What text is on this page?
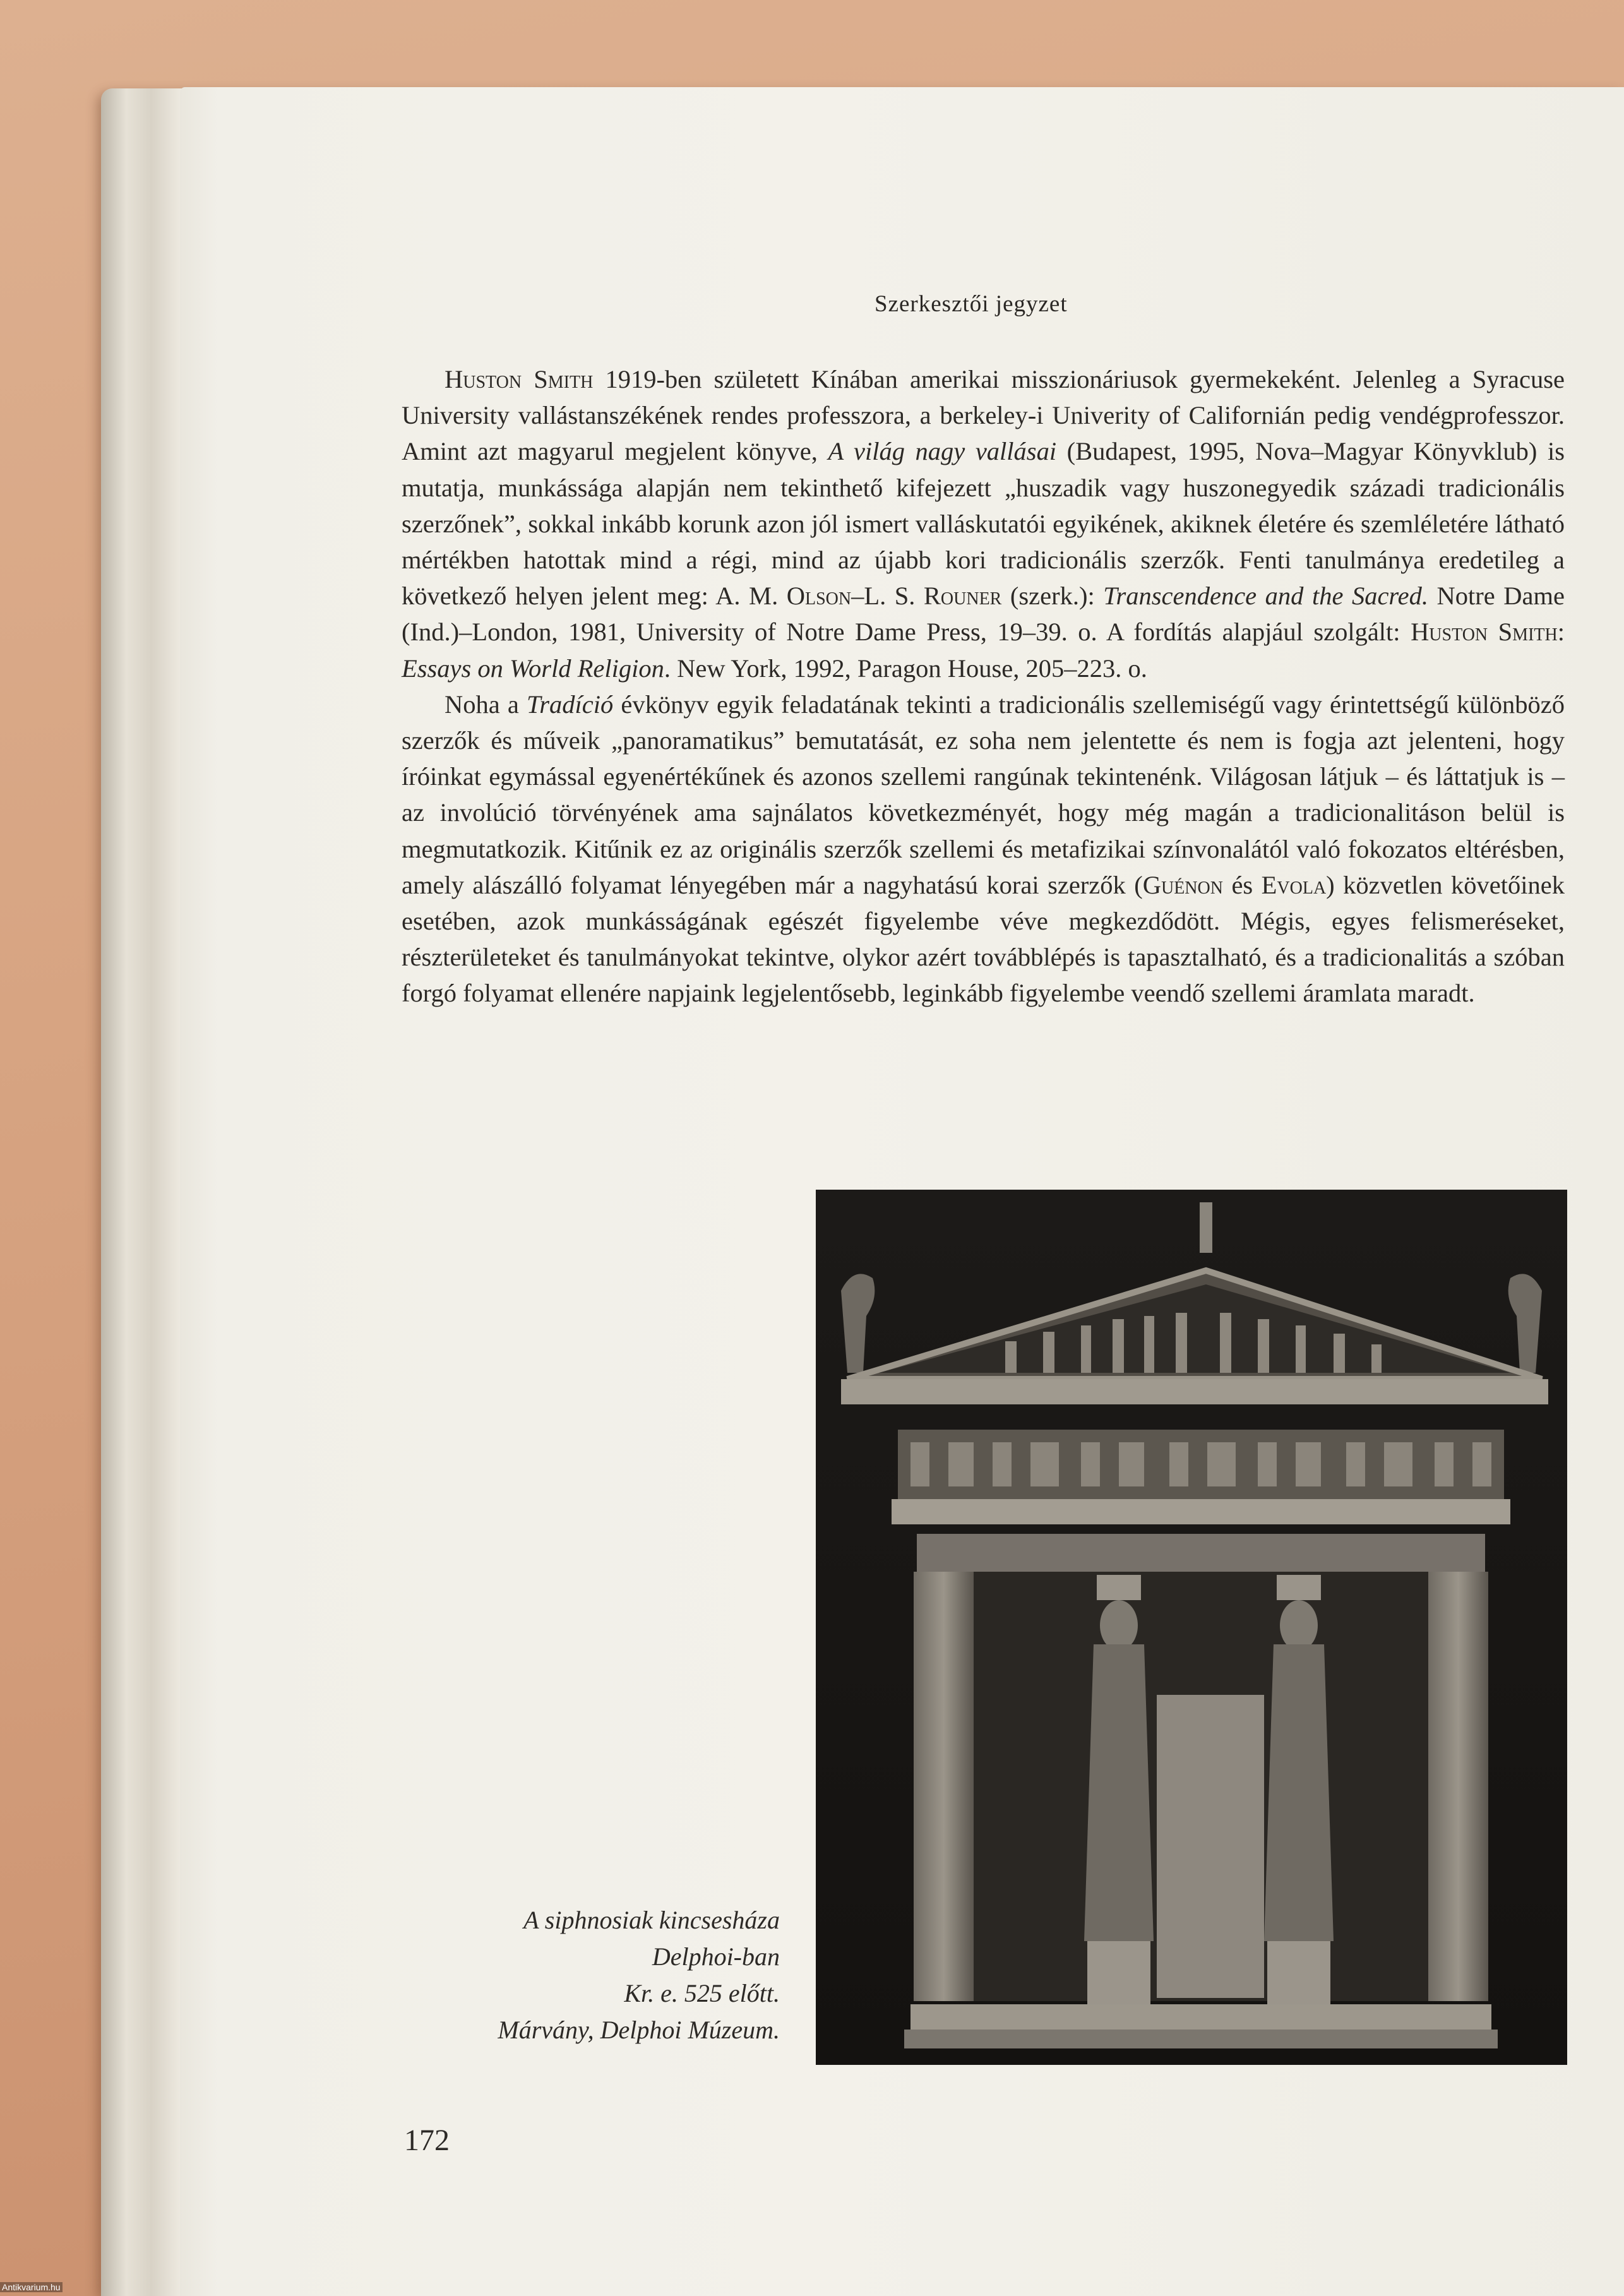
Szerkesztői jegyzet

Huston Smith 1919-ben született Kínában amerikai misszionáriusok gyermekeként. Jelenleg a Syracuse University vallástanszékének rendes professzora, a berkeley-i Univerity of Californián pedig vendégprofesszor. Amint azt magyarul megjelent könyve, A világ nagy vallásai (Budapest, 1995, Nova–Magyar Könyvklub) is mutatja, munkássága alapján nem tekinthető kifejezett „huszadik vagy huszonegyedik századi tradicionális szerzőnek”, sokkal inkább korunk azon jól ismert valláskutatói egyikének, akiknek életére és szemléletére látható mértékben hatottak mind a régi, mind az újabb kori tradicionális szerzők. Fenti tanulmánya eredetileg a következő helyen jelent meg: A. M. Olson–L. S. Rouner (szerk.): Transcendence and the Sacred. Notre Dame (Ind.)–London, 1981, University of Notre Dame Press, 19–39. o. A fordítás alapjául szolgált: Huston Smith: Essays on World Religion. New York, 1992, Paragon House, 205–223. o.

Noha a Tradíció évkönyv egyik feladatának tekinti a tradicionális szellemiségű vagy érintettségű különböző szerzők és műveik „panoramatikus” bemutatását, ez soha nem jelentette és nem is fogja azt jelenteni, hogy íróinkat egymással egyenértékűnek és azonos szellemi rangúnak tekintenénk. Világosan látjuk – és láttatjuk is – az involúció törvényének ama sajnálatos következményét, hogy még magán a tradicionalitáson belül is megmutatkozik. Kitűnik ez az originális szerzők szellemi és metafizikai színvonalától való fokozatos eltérésben, amely alászálló folyamat lényegében már a nagyhatású korai szerzők (Guénon és Evola) közvetlen követőinek esetében, azok munkásságának egészét figyelembe véve megkezdődött. Mégis, egyes felismeréseket, részterületeket és tanulmányokat tekintve, olykor azért továbblépés is tapasztalható, és a tradicionalitás a szóban forgó folyamat ellenére napjaink legjelentősebb, leginkább figyelembe veendő szellemi áramlata maradt.

A siphnosiak kincsesháza
Delphoi-ban
Kr. e. 525 előtt.
Márvány, Delphoi Múzeum.
172
Antikvarium.hu
